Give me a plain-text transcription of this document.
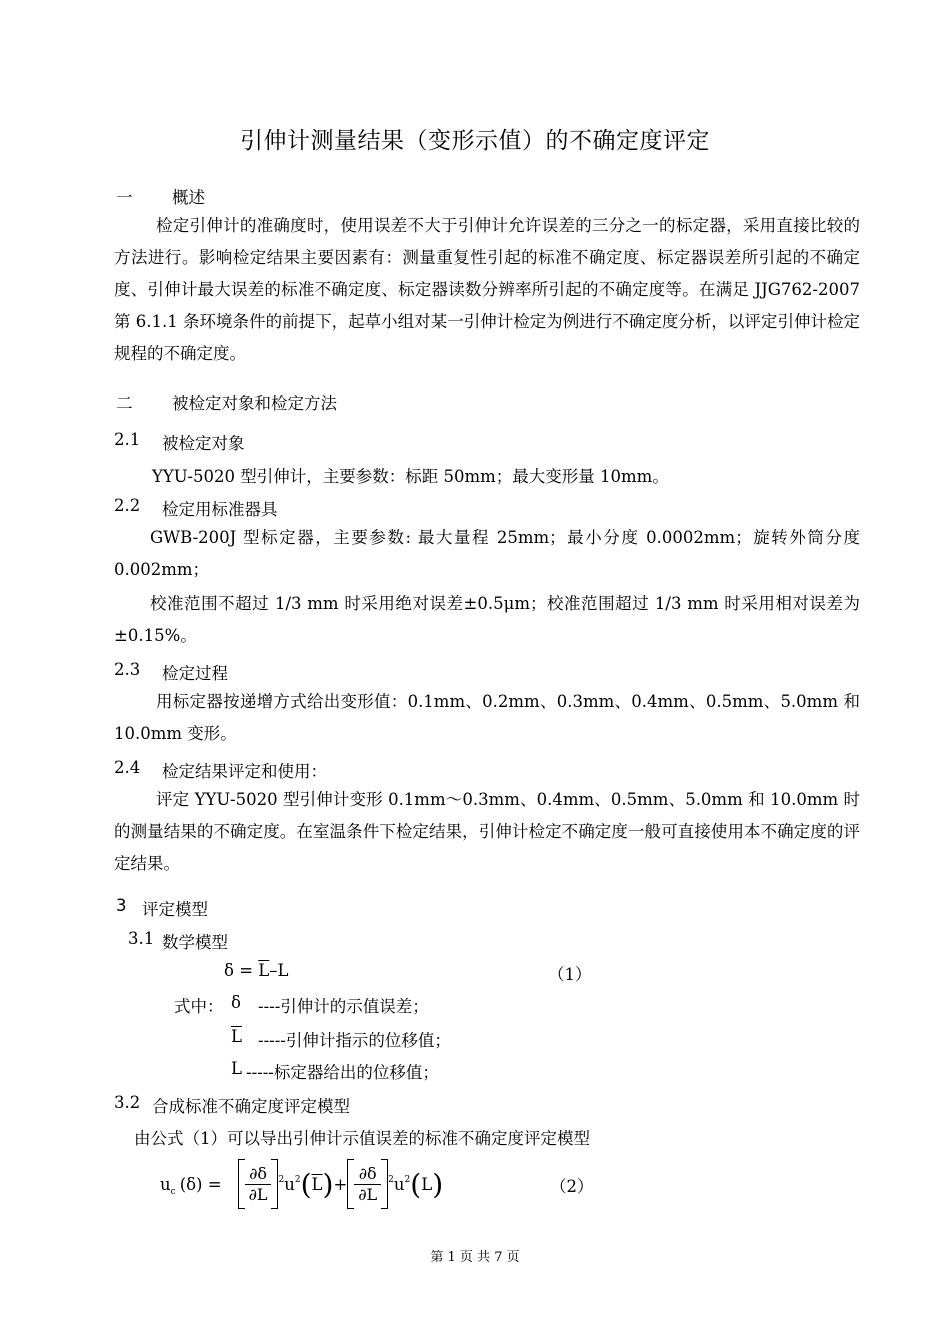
引伸计测量结果（变形示值）的不确定度评定
一 概述

检定引伸计的准确度时，使用误差不大于引伸计允许误差的三分之一的标定器，采用直接比较的方法进行。影响检定结果主要因素有：测量重复性引起的标准不确定度、标定器误差所引起的不确定度、引伸计最大误差的标准不确定度、标定器读数分辨率所引起的不确定度等。在满足 JJG762-2007 第 6.1.1 条环境条件的前提下，起草小组对某一引伸计检定为例进行不确定度分析，以评定引伸计检定规程的不确定度。

二 被检定对象和检定方法
2.1 被检定对象
YYU-5020 型引伸计，主要参数：标距 50mm；最大变形量 10mm。
2.2 检定用标准器具

GWB-200J 型标定器，主要参数: 最大量程 25mm；最小分度 0.0002mm；旋转外筒分度 0.002mm；

校准范围不超过 1/3 mm 时采用绝对误差±0.5μm；校准范围超过 1/3 mm 时采用相对误差为±0.15%。

2.3 检定过程

用标定器按递增方式给出变形值：0.1mm、0.2mm、0.3mm、0.4mm、0.5mm、5.0mm 和 10.0mm 变形。

2.4 检定结果评定和使用：

评定 YYU-5020 型引伸计变形 0.1mm～0.3mm、0.4mm、0.5mm、5.0mm 和 10.0mm 时的测量结果的不确定度。在室温条件下检定结果，引伸计检定不确定度一般可直接使用本不确定度的评定结果。

3 评定模型
3.1 数学模型
$\delta = \overline{L}-L$	（1）
式中： δ ----引伸计的示值误差；
$\overline{L}$ -----引伸计指示的位移值；
L -----标定器给出的位移值；
3.2 合成标准不确定度评定模型
由公式（1）可以导出引伸计示值误差的标准不确定度评定模型
$u_c$ $(\delta) = \frac{\partial\delta}{\partial L} ^2$ $u^2$ ( $\overline{L}$ ) + $\frac{\partial\delta}{\partial L} ^2$ $u^2$ ( L )	（2）
第 1 页 共 7 页
